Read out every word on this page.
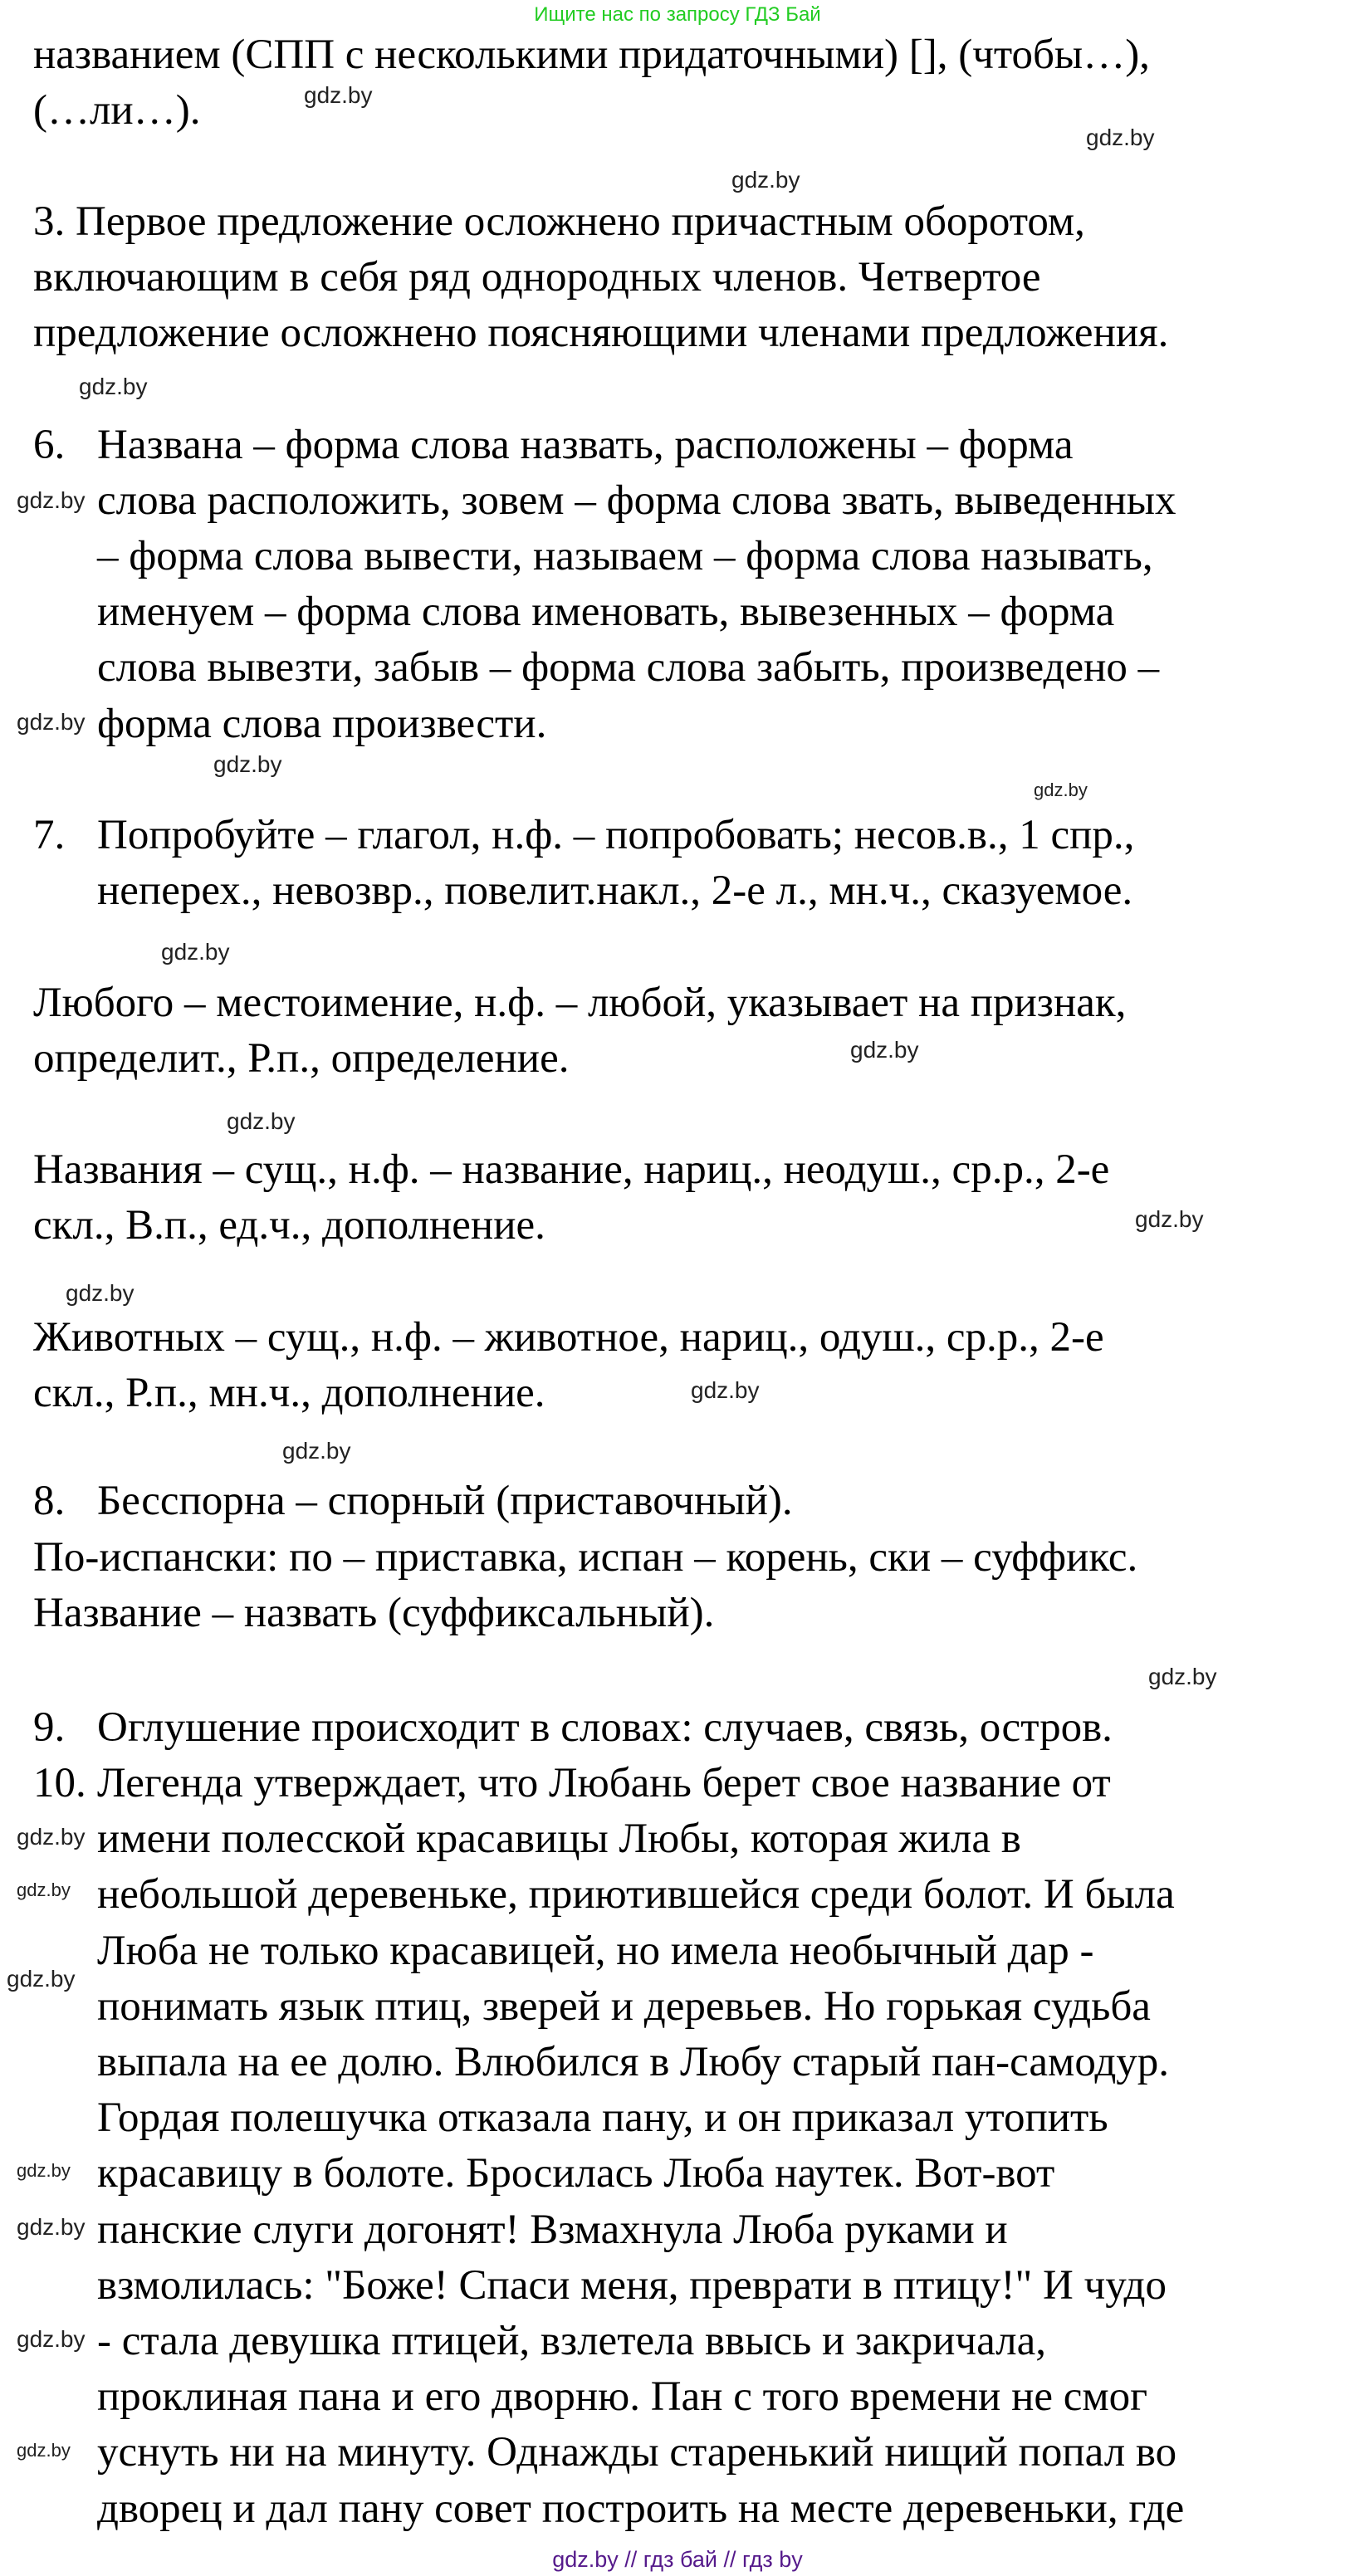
Ищите нас по запросу ГДЗ Бай
названием (СПП с несколькими придаточными) [], (чтобы…),
(…ли…).
3. Первое предложение осложнено причастным оборотом,
включающим в себя ряд однородных членов. Четвертое
предложение осложнено поясняющими членами предложения.
6. Названа – форма слова назвать, расположены – форма
слова расположить, зовем – форма слова звать, выведенных
– форма слова вывести, называем – форма слова называть,
именуем – форма слова именовать, вывезенных – форма
слова вывезти, забыв – форма слова забыть, произведено –
форма слова произвести.
7. Попробуйте – глагол, н.ф. – попробовать; несов.в., 1 спр.,
неперех., невозвр., повелит.накл., 2-е л., мн.ч., сказуемое.
Любого – местоимение, н.ф. – любой, указывает на признак,
определит., Р.п., определение.
Названия – сущ., н.ф. – название, нариц., неодуш., ср.р., 2-е
скл., В.п., ед.ч., дополнение.
Животных – сущ., н.ф. – животное, нариц., одуш., ср.р., 2-е
скл., Р.п., мн.ч., дополнение.
8. Бесспорна – спорный (приставочный).
По-испански: по – приставка, испан – корень, ски – суффикс.
Название – назвать (суффиксальный).
9. Оглушение происходит в словах: случаев, связь, остров.
10. Легенда утверждает, что Любань берет свое название от
имени полесской красавицы Любы, которая жила в
небольшой деревеньке, приютившейся среди болот. И была
Люба не только красавицей, но имела необычный дар -
понимать язык птиц, зверей и деревьев. Но горькая судьба
выпала на ее долю. Влюбился в Любу старый пан-самодур.
Гордая полешучка отказала пану, и он приказал утопить
красавицу в болоте. Бросилась Люба наутек. Вот-вот
панские слуги догонят! Взмахнула Люба руками и
взмолилась: "Боже! Спаси меня, преврати в птицу!" И чудо
- стала девушка птицей, взлетела ввысь и закричала,
проклиная пана и его дворню. Пан с того времени не смог
уснуть ни на минуту. Однажды старенький нищий попал во
дворец и дал пану совет построить на месте деревеньки, где
gdz.by
gdz.by
gdz.by
gdz.by
gdz.by
gdz.by
gdz.by
gdz.by
gdz.by
gdz.by
gdz.by
gdz.by
gdz.by
gdz.by
gdz.by
gdz.by
gdz.by
gdz.by
gdz.by
gdz.by
gdz.by
gdz.by
gdz.by
gdz.by // гдз бай // гдз by
